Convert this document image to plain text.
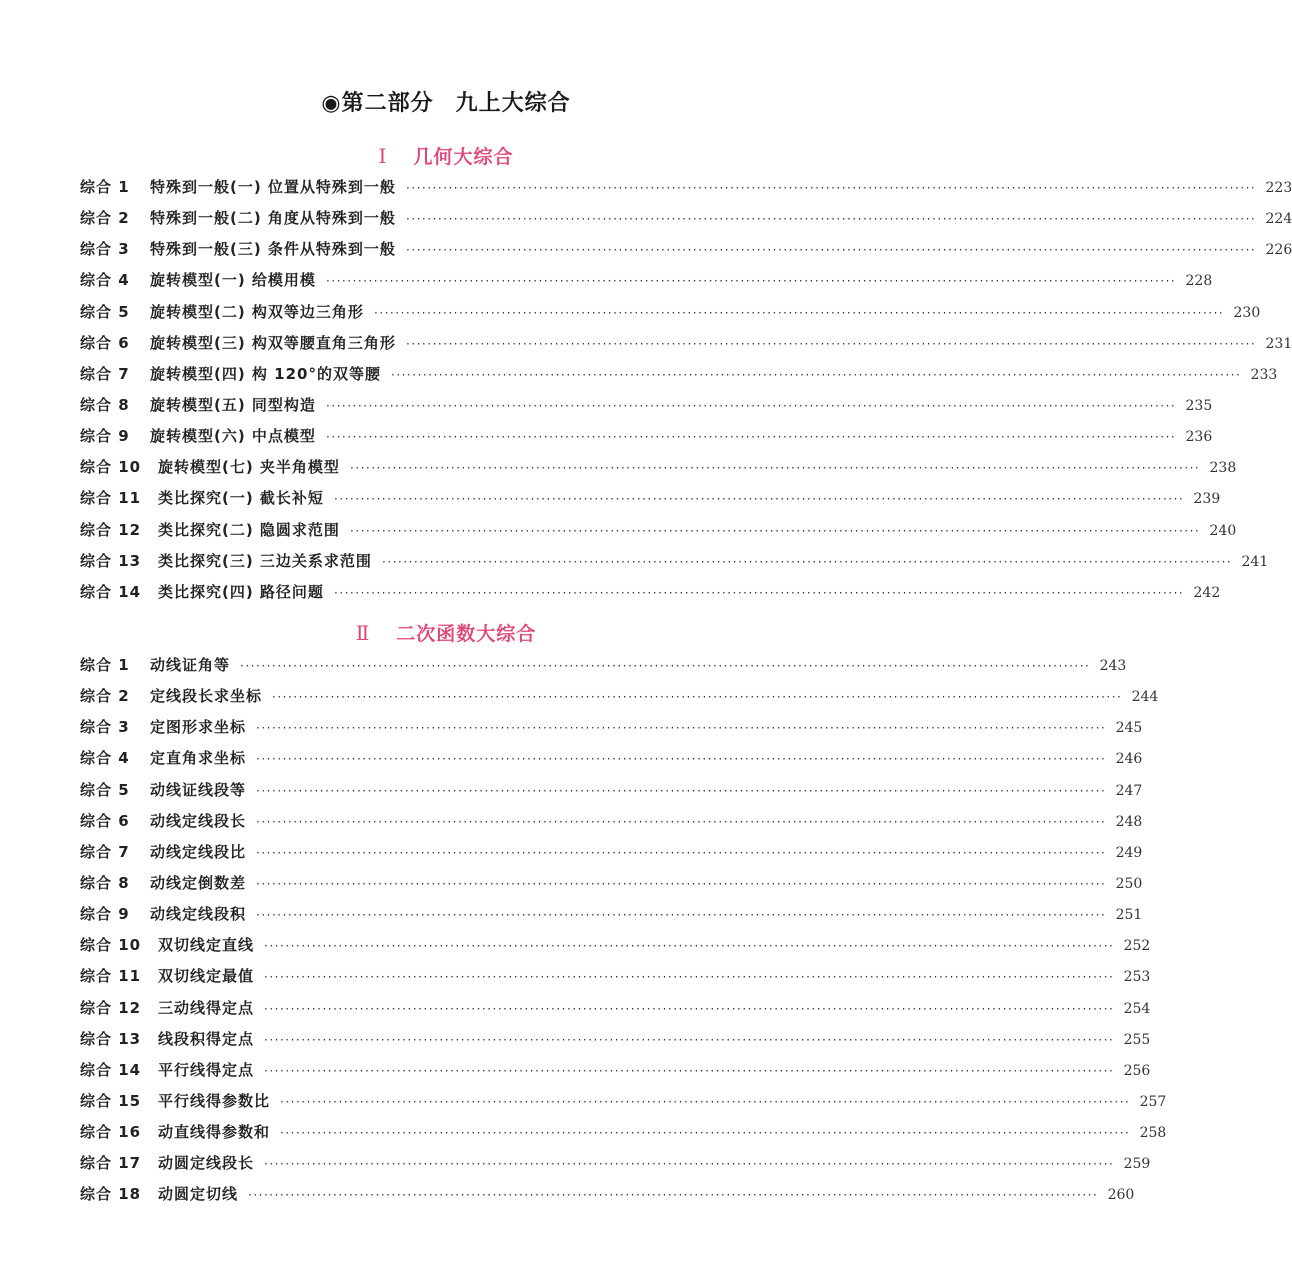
◉第二部分 九上大综合
Ⅰ 几何大综合
综合 1	特殊到一般(一) 位置从特殊到一般 ································································································································································ 223
综合 2	特殊到一般(二) 角度从特殊到一般 ································································································································································ 224
综合 3	特殊到一般(三) 条件从特殊到一般 ································································································································································ 226
综合 4	旋转模型(一) 给模用模 ································································································································································ 228
综合 5	旋转模型(二) 构双等边三角形 ································································································································································ 230
综合 6	旋转模型(三) 构双等腰直角三角形 ································································································································································ 231
综合 7	旋转模型(四) 构 120°的双等腰 ································································································································································ 233
综合 8	旋转模型(五) 同型构造 ································································································································································ 235
综合 9	旋转模型(六) 中点模型 ································································································································································ 236
综合 10	旋转模型(七) 夹半角模型 ································································································································································ 238
综合 11	类比探究(一) 截长补短 ································································································································································ 239
综合 12	类比探究(二) 隐圆求范围 ································································································································································ 240
综合 13	类比探究(三) 三边关系求范围 ································································································································································ 241
综合 14	类比探究(四) 路径问题 ································································································································································ 242
Ⅱ 二次函数大综合
综合 1	动线证角等 ································································································································································ 243
综合 2	定线段长求坐标 ································································································································································ 244
综合 3	定图形求坐标 ································································································································································ 245
综合 4	定直角求坐标 ································································································································································ 246
综合 5	动线证线段等 ································································································································································ 247
综合 6	动线定线段长 ································································································································································ 248
综合 7	动线定线段比 ································································································································································ 249
综合 8	动线定倒数差 ································································································································································ 250
综合 9	动线定线段积 ································································································································································ 251
综合 10	双切线定直线 ································································································································································ 252
综合 11	双切线定最值 ································································································································································ 253
综合 12	三动线得定点 ································································································································································ 254
综合 13	线段积得定点 ································································································································································ 255
综合 14	平行线得定点 ································································································································································ 256
综合 15	平行线得参数比 ································································································································································ 257
综合 16	动直线得参数和 ································································································································································ 258
综合 17	动圆定线段长 ································································································································································ 259
综合 18	动圆定切线 ································································································································································ 260
